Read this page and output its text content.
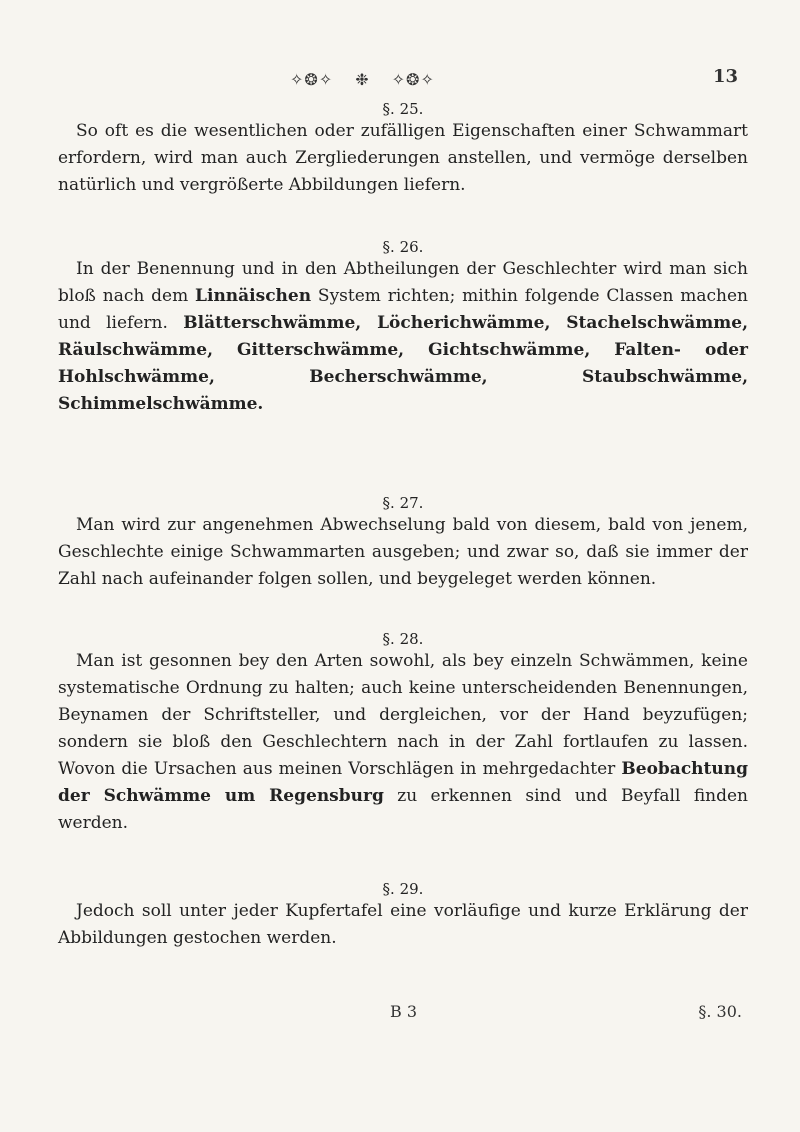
✧❂✧ ❉ ✧❂✧	13

§. 25.

So oft es die wesentlichen oder zufälligen Eigenschaften einer Schwammart erfordern, wird man auch Zergliederungen anstellen, und vermöge derselben natürlich und vergrößerte Abbildungen liefern.

§. 26.

In der Benennung und in den Abtheilungen der Geschlechter wird man sich bloß nach dem Linnäischen System richten; mithin folgende Classen machen und liefern. Blätterschwämme, Löcherichwämme, Stachelschwämme, Räulschwämme, Gitterschwämme, Gichtschwämme, Falten- oder Hohlschwämme, Becherschwämme, Staubschwämme, Schimmelschwämme.

§. 27.

Man wird zur angenehmen Abwechselung bald von diesem, bald von jenem, Geschlechte einige Schwammarten ausgeben; und zwar so, daß sie immer der Zahl nach aufeinander folgen sollen, und beygeleget werden können.

§. 28.

Man ist gesonnen bey den Arten sowohl, als bey einzeln Schwämmen, keine systematische Ordnung zu halten; auch keine unterscheidenden Benennungen, Beynamen der Schriftsteller, und dergleichen, vor der Hand beyzufügen; sondern sie bloß den Geschlechtern nach in der Zahl fortlaufen zu lassen. Wovon die Ursachen aus meinen Vorschlägen in mehrgedachter Beobachtung der Schwämme um Regensburg zu erkennen sind und Beyfall finden werden.

§. 29.

Jedoch soll unter jeder Kupfertafel eine vorläufige und kurze Erklärung der Abbildungen gestochen werden.

B 3	§. 30.
